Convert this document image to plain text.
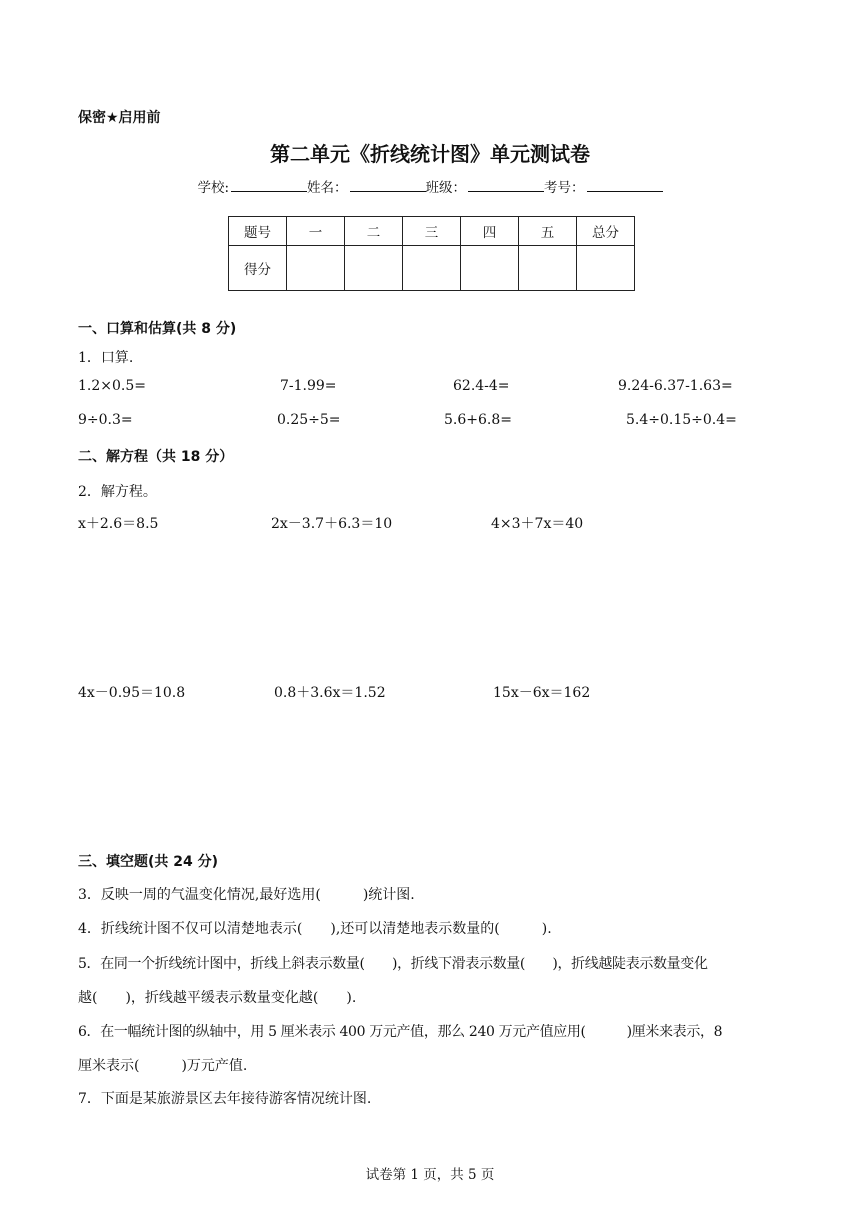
保密★启用前
第二单元《折线统计图》单元测试卷
学校:	姓名：	班级：	考号：
题号	一	二	三	四	五	总分
得分						
一、口算和估算(共 8 分)
1．口算.
1.2×0.5=	7-1.99=	62.4-4=	9.24-6.37-1.63=
9÷0.3=	0.25÷5=	5.6+6.8=	5.4÷0.15÷0.4=
二、解方程（共 18 分）
2．解方程。
x＋2.6＝8.5	2x－3.7＋6.3＝10	4×3＋7x＝40
4x－0.95＝10.8	0.8＋3.6x＝1.52	15x－6x＝162
三、填空题(共 24 分)
3．反映一周的气温变化情况,最好选用(　　　)统计图.
4．折线统计图不仅可以清楚地表示(　　),还可以清楚地表示数量的(　　　).
5．在同一个折线统计图中，折线上斜表示数量(　　)，折线下滑表示数量(　　)，折线越陡表示数量变化
越(　　)，折线越平缓表示数量变化越(　　).
6．在一幅统计图的纵轴中，用 5 厘米表示 400 万元产值，那么 240 万元产值应用(　　　)厘米来表示，8
厘米表示(　　　)万元产值.
7．下面是某旅游景区去年接待游客情况统计图.
试卷第 1 页，共 5 页
